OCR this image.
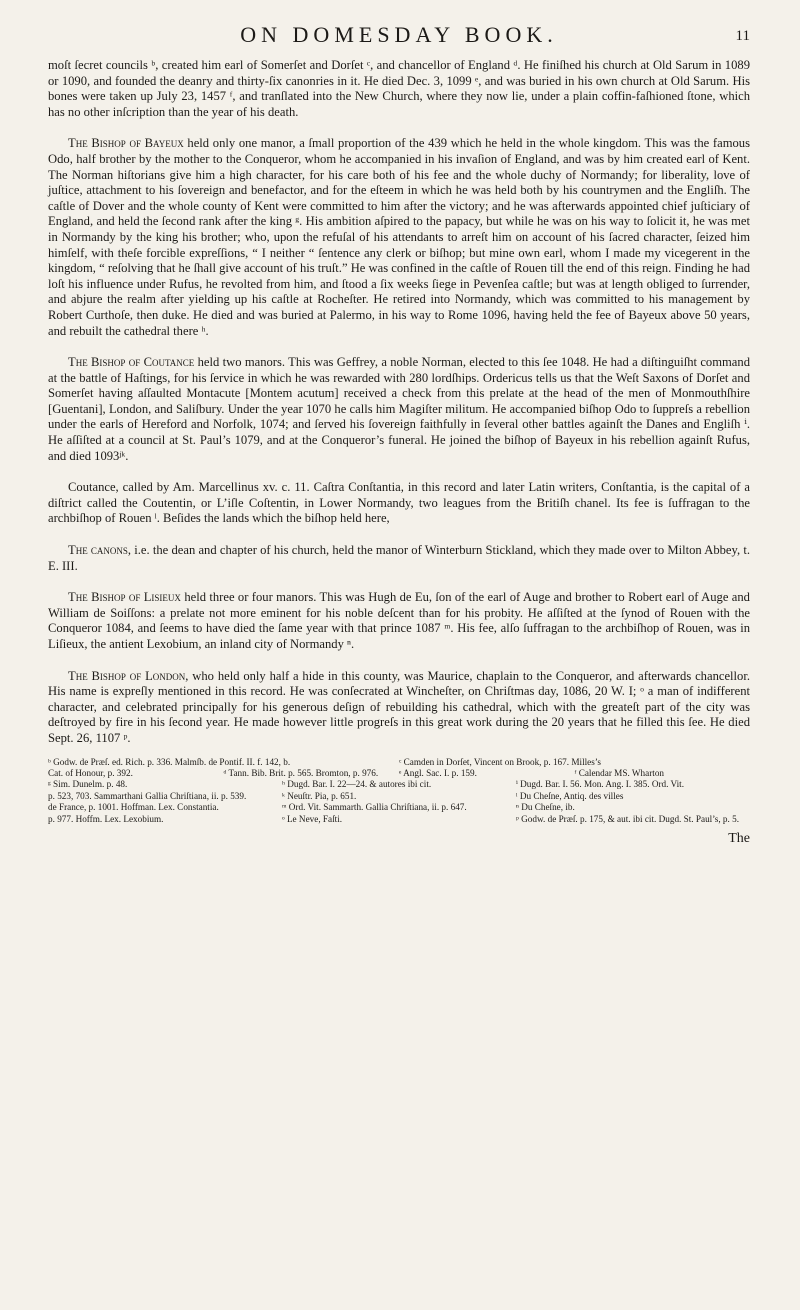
ON DOMESDAY BOOK.	11

moſt ſecret councils ᵇ, created him earl of Somerſet and Dorſet ᶜ, and chancellor of England ᵈ. He finiſhed his church at Old Sarum in 1089 or 1090, and founded the deanry and thirty-ſix canonries in it. He died Dec. 3, 1099 ᵉ, and was buried in his own church at Old Sarum. His bones were taken up July 23, 1457 ᶠ, and tranſlated into the New Church, where they now lie, under a plain coffin-faſhioned ſtone, which has no other inſcription than the year of his death.

The Bishop of Bayeux held only one manor, a ſmall proportion of the 439 which he held in the whole kingdom. This was the famous Odo, half brother by the mother to the Conqueror, whom he accompanied in his invaſion of England, and was by him created earl of Kent. The Norman hiſtorians give him a high character, for his care both of his fee and the whole duchy of Normandy; for liberality, love of juſtice, attachment to his ſovereign and benefactor, and for the eſteem in which he was held both by his countrymen and the Engliſh. The caſtle of Dover and the whole county of Kent were committed to him after the victory; and he was afterwards appointed chief juſticiary of England, and held the ſecond rank after the king ᵍ. His ambition aſpired to the papacy, but while he was on his way to ſolicit it, he was met in Normandy by the king his brother; who, upon the refuſal of his attendants to arreſt him on account of his ſacred character, ſeized him himſelf, with theſe forcible expreſſions, “ I neither “ ſentence any clerk or biſhop; but mine own earl, whom I made my vicegerent in the kingdom, “ reſolving that he ſhall give account of his truſt.” He was confined in the caſtle of Rouen till the end of this reign. Finding he had loſt his influence under Rufus, he revolted from him, and ſtood a ſix weeks ſiege in Pevenſea caſtle; but was at length obliged to ſurrender, and abjure the realm after yielding up his caſtle at Rocheſter. He retired into Normandy, which was committed to his management by Robert Curthoſe, then duke. He died and was buried at Palermo, in his way to Rome 1096, having held the fee of Bayeux above 50 years, and rebuilt the cathedral there ʰ.

The Bishop of Coutance held two manors. This was Geffrey, a noble Norman, elected to this ſee 1048. He had a diſtinguiſht command at the battle of Haſtings, for his ſervice in which he was rewarded with 280 lordſhips. Ordericus tells us that the Weſt Saxons of Dorſet and Somerſet having aſſaulted Montacute [Montem acutum] received a check from this prelate at the head of the men of Monmouthſhire [Guentani], London, and Saliſbury. Under the year 1070 he calls him Magiſter militum. He accompanied biſhop Odo to ſuppreſs a rebellion under the earls of Hereford and Norfolk, 1074; and ſerved his ſovereign faithfully in ſeveral other battles againſt the Danes and Engliſh ⁱ. He aſſiſted at a council at St. Paul’s 1079, and at the Conqueror’s funeral. He joined the biſhop of Bayeux in his rebellion againſt Rufus, and died 1093ʲᵏ.

Coutance, called by Am. Marcellinus xv. c. 11. Caſtra Conſtantia, in this record and later Latin writers, Conſtantia, is the capital of a diſtrict called the Coutentin, or L’iſle Coſtentin, in Lower Normandy, two leagues from the Britiſh chanel. Its fee is ſuffragan to the archbiſhop of Rouen ˡ. Beſides the lands which the biſhop held here,

The canons, i.e. the dean and chapter of his church, held the manor of Winterburn Stickland, which they made over to Milton Abbey, t. E. III.

The Bishop of Lisieux held three or four manors. This was Hugh de Eu, ſon of the earl of Auge and brother to Robert earl of Auge and William de Soiſſons: a prelate not more eminent for his noble deſcent than for his probity. He aſſiſted at the ſynod of Rouen with the Conqueror 1084, and ſeems to have died the ſame year with that prince 1087 ᵐ. His fee, alſo ſuffragan to the archbiſhop of Rouen, was in Liſieux, the antient Lexobium, an inland city of Normandy ⁿ.

The Bishop of London, who held only half a hide in this county, was Maurice, chaplain to the Conqueror, and afterwards chancellor. His name is expreſly mentioned in this record. He was conſecrated at Wincheſter, on Chriſtmas day, 1086, 20 W. I; ᵒ a man of indifferent character, and celebrated principally for his generous deſign of rebuilding his cathedral, which with the greateſt part of the city was deſtroyed by fire in his ſecond year. He made however little progreſs in this great work during the 20 years that he filled this ſee. He died Sept. 26, 1107 ᵖ.

ᵇ Godw. de Præſ. ed. Rich. p. 336. Malmſb. de Pontif. II. f. 142, b.	ᶜ Camden in Dorſet, Vincent on Brook, p. 167. Milles’s
Cat. of Honour, p. 392.	ᵈ Tann. Bib. Brit. p. 565. Bromton, p. 976.	ᵉ Angl. Sac. I. p. 159.	ᶠ Calendar MS. Wharton
ᵍ Sim. Dunelm. p. 48.	ʰ Dugd. Bar. I. 22—24. & autores ibi cit.	ⁱ Dugd. Bar. I. 56. Mon. Ang. I. 385. Ord. Vit.
p. 523, 703. Sammarthani Gallia Chriſtiana, ii. p. 539.	ᵏ Neuſtr. Pia, p. 651.	ˡ Du Cheſne, Antiq. des villes
de France, p. 1001. Hoffman. Lex. Constantia.	ᵐ Ord. Vit. Sammarth. Gallia Chriſtiana, ii. p. 647.	ⁿ Du Cheſne, ib.
p. 977. Hoffm. Lex. Lexobium.	ᵒ Le Neve, Faſti.	ᵖ Godw. de Præſ. p. 175, & aut. ibi cit. Dugd. St. Paul’s, p. 5.
The
